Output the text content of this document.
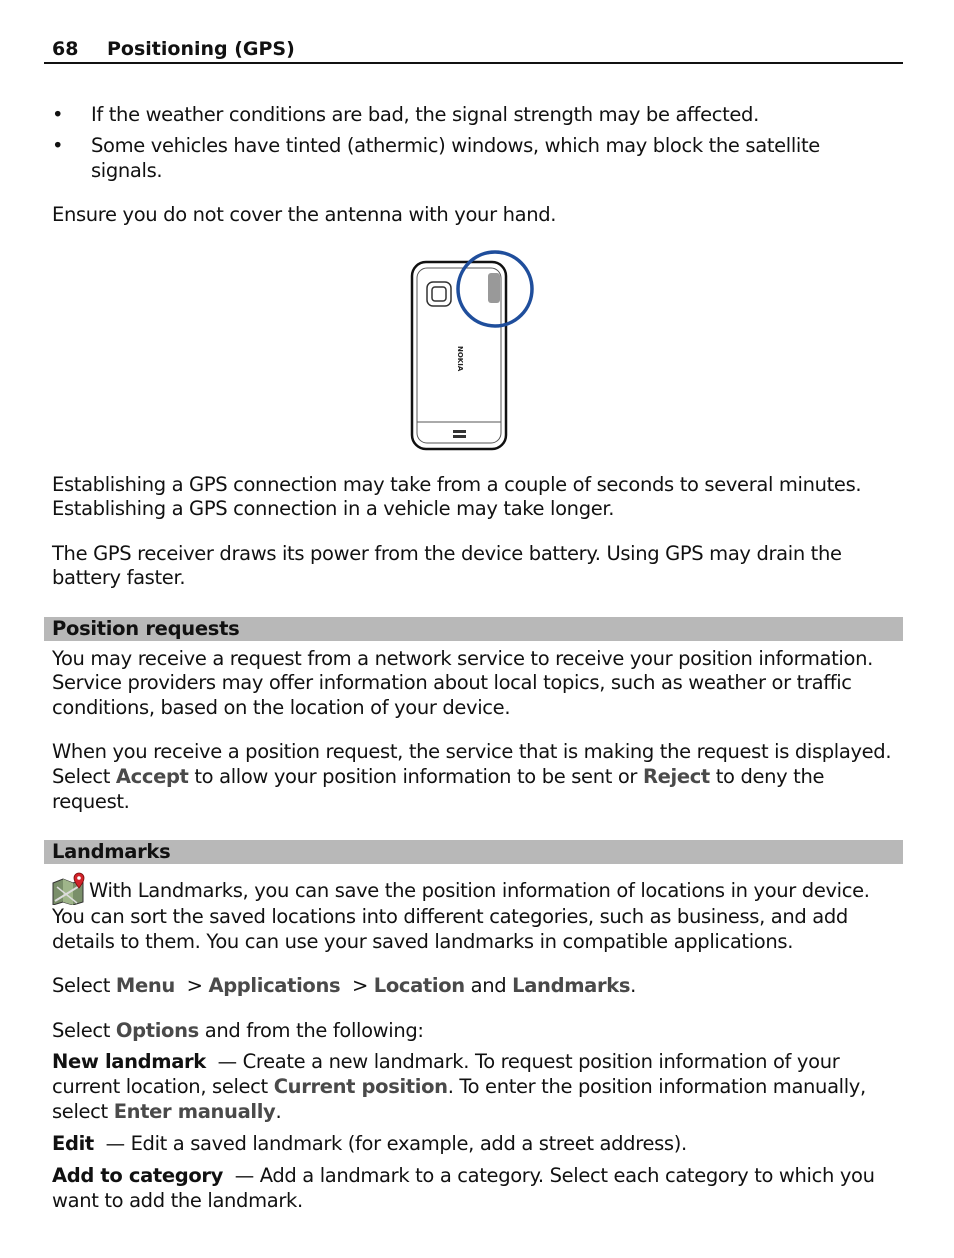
68 Positioning (GPS)
• If the weather conditions are bad, the signal strength may be affected.
• Some vehicles have tinted (athermic) windows, which may block the satellite
signals.
Ensure you do not cover the antenna with your hand.
NOKIA
Establishing a GPS connection may take from a couple of seconds to several minutes.
Establishing a GPS connection in a vehicle may take longer.
The GPS receiver draws its power from the device battery. Using GPS may drain the
battery faster.
Position requests
You may receive a request from a network service to receive your position information.
Service providers may offer information about local topics, such as weather or traffic
conditions, based on the location of your device.
When you receive a position request, the service that is making the request is displayed.
Select Accept to allow your position information to be sent or Reject to deny the
request.
Landmarks
With Landmarks, you can save the position information of locations in your device.
You can sort the saved locations into different categories, such as business, and add
details to them. You can use your saved landmarks in compatible applications.
Select Menu  > Applications  > Location and Landmarks.
Select Options and from the following:
New landmark  — Create a new landmark. To request position information of your
current location, select Current position. To enter the position information manually,
select Enter manually.
Edit  — Edit a saved landmark (for example, add a street address).
Add to category  — Add a landmark to a category. Select each category to which you
want to add the landmark.
